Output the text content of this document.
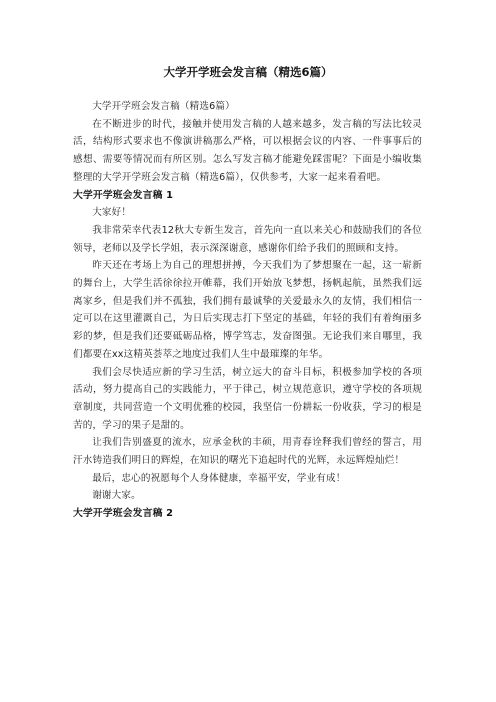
大学开学班会发言稿（精选6篇）

大学开学班会发言稿（精选6篇）

在不断进步的时代，接触并使用发言稿的人越来越多，发言稿的写法比较灵活，结构形式要求也不像演讲稿那么严格，可以根据会议的内容、一件事事后的感想、需要等情况而有所区别。怎么写发言稿才能避免踩雷呢？下面是小编收集整理的大学开学班会发言稿（精选6篇），仅供参考，大家一起来看看吧。

大学开学班会发言稿 1

大家好！

我非常荣幸代表12秋大专新生发言，首先向一直以来关心和鼓励我们的各位领导，老师以及学长学姐，表示深深谢意，感谢你们给予我们的照顾和支持。

昨天还在考场上为自己的理想拼搏，今天我们为了梦想聚在一起，这一崭新的舞台上，大学生活徐徐拉开帷幕，我们开始放飞梦想，扬帆起航，虽然我们远离家乡，但是我们并不孤独，我们拥有最诚挚的关爱最永久的友情，我们相信一定可以在这里灌溉自己，为日后实现志打下坚定的基础，年轻的我们有着绚丽多彩的梦，但是我们还要砥砺品格，博学笃志，发奋图强。无论我们来自哪里，我们都要在xx这精英荟萃之地度过我们人生中最璀璨的年华。

我们会尽快适应新的学习生活，树立远大的奋斗目标，积极参加学校的各项活动，努力提高自己的实践能力，平于律己，树立规范意识，遵守学校的各项规章制度，共同营造一个文明优雅的校园，我坚信一份耕耘一份收获，学习的根是苦的，学习的果子是甜的。

让我们告别盛夏的流水，应承金秋的丰硕，用青春诠释我们曾经的誓言，用汗水铸造我们明日的辉煌，在知识的曙光下追起时代的光辉，永远辉煌灿烂！

最后，忠心的祝愿每个人身体健康，幸福平安，学业有成！

谢谢大家。

大学开学班会发言稿 2
